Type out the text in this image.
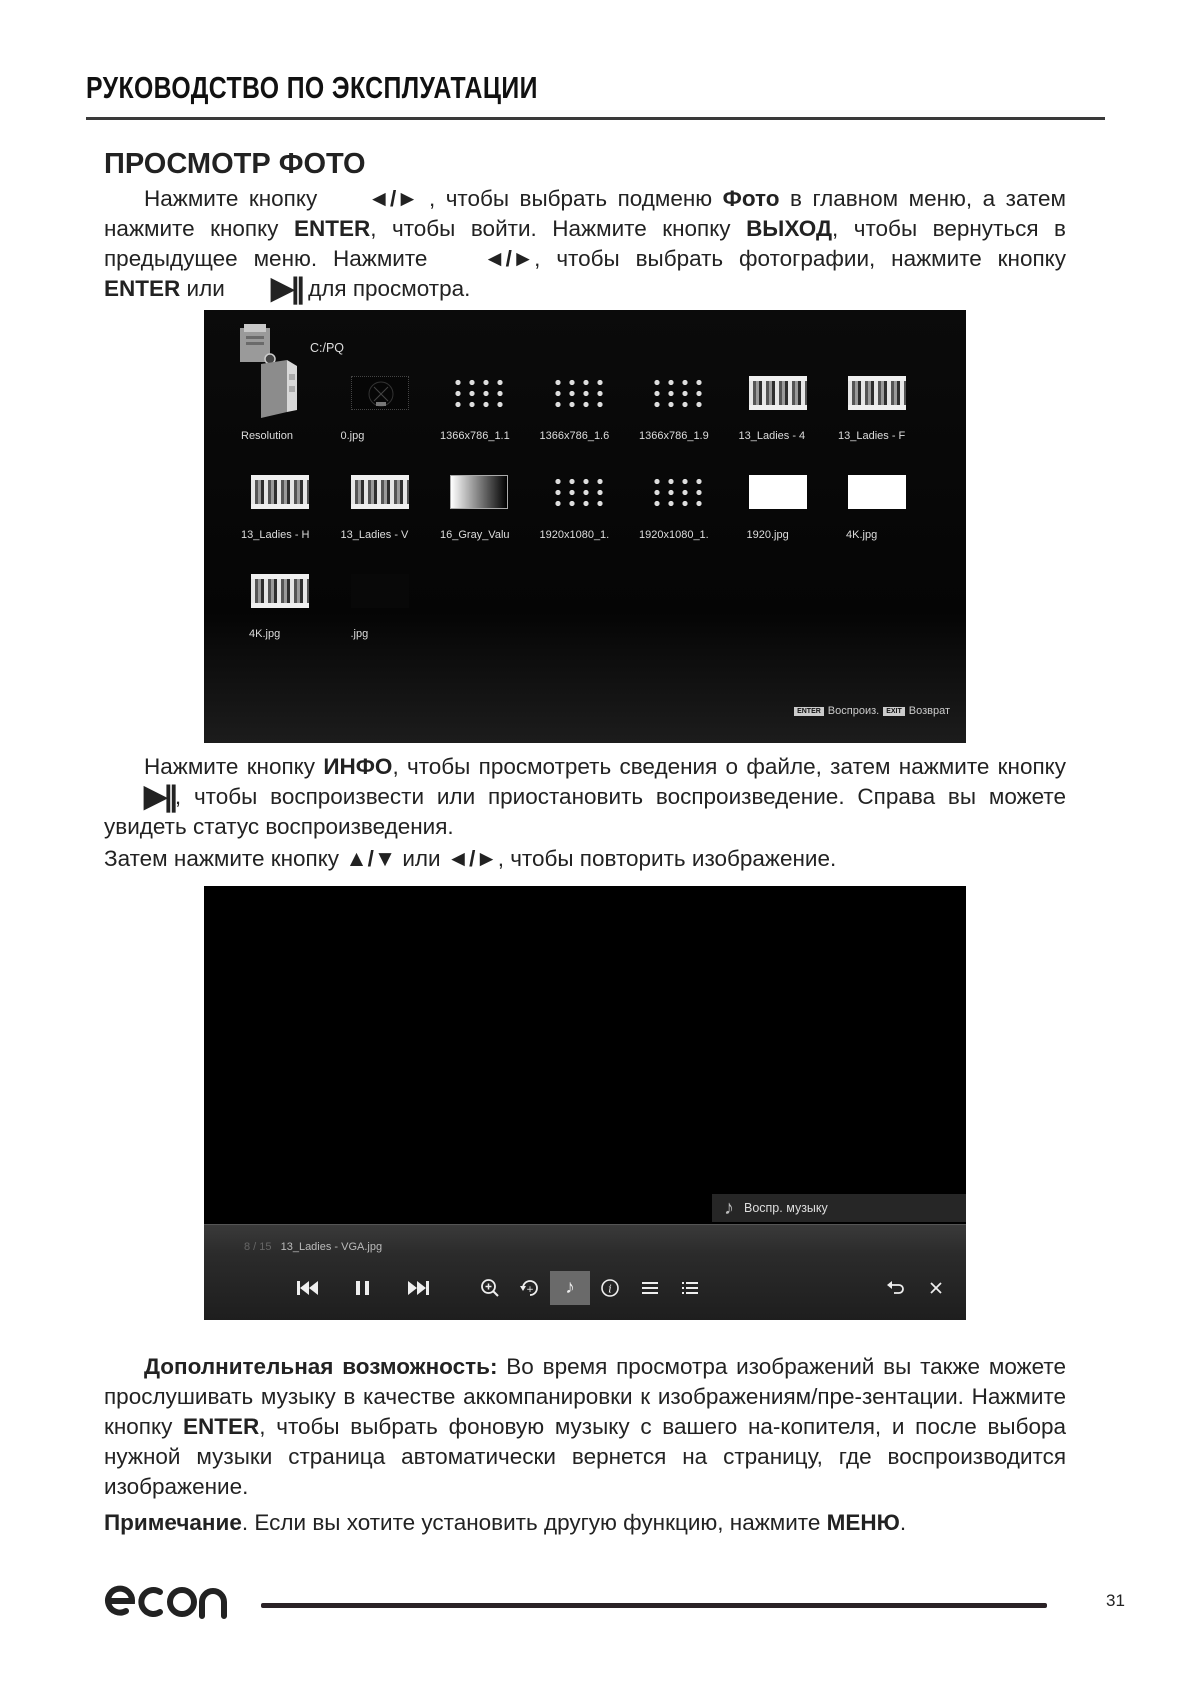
РУКОВОДСТВО ПО ЭКСПЛУАТАЦИИ
ПРОСМОТР ФОТО

Нажмите кнопку ◄/► , чтобы выбрать подменю Фото в главном меню, а затем нажмите кнопку ENTER, чтобы войти. Нажмите кнопку ВЫХОД, чтобы вернуться в предыдущее меню. Нажмите ◄/►, чтобы выбрать фотографии, нажмите кнопку ENTER или ▶|| для просмотра.

C:/PQ
Resolution	0.jpg	1366x786_1.1	1366x786_1.6	1366x786_1.9	13_Ladies - 4	13_Ladies - F
13_Ladies - H	13_Ladies - V	16_Gray_Valu	1920x1080_1.	1920x1080_1.	1920.jpg	4K.jpg
4K.jpg	.jpg
ENTER Воспроиз.	EXIT Возврат

Нажмите кнопку ИНФО, чтобы просмотреть сведения о файле, затем нажмите кнопку ▶||, чтобы воспроизвести или приостановить воспроизведение. Справа вы можете увидеть статус воспроизведения.

Затем нажмите кнопку ▲/▼ или ◄/►, чтобы повторить изображение.

♪ Воспр. музыку
8 / 15 13_Ladies - VGA.jpg
+	♪	i

Дополнительная возможность: Во время просмотра изображений вы также можете прослушивать музыку в качестве аккомпанировки к изображениям/пре-зентации. Нажмите кнопку ENTER, чтобы выбрать фоновую музыку с вашего на-копителя, и после выбора нужной музыки страница автоматически вернется на страницу, где воспроизводится изображение.

Примечание. Если вы хотите установить другую функцию, нажмите МЕНЮ.

31
